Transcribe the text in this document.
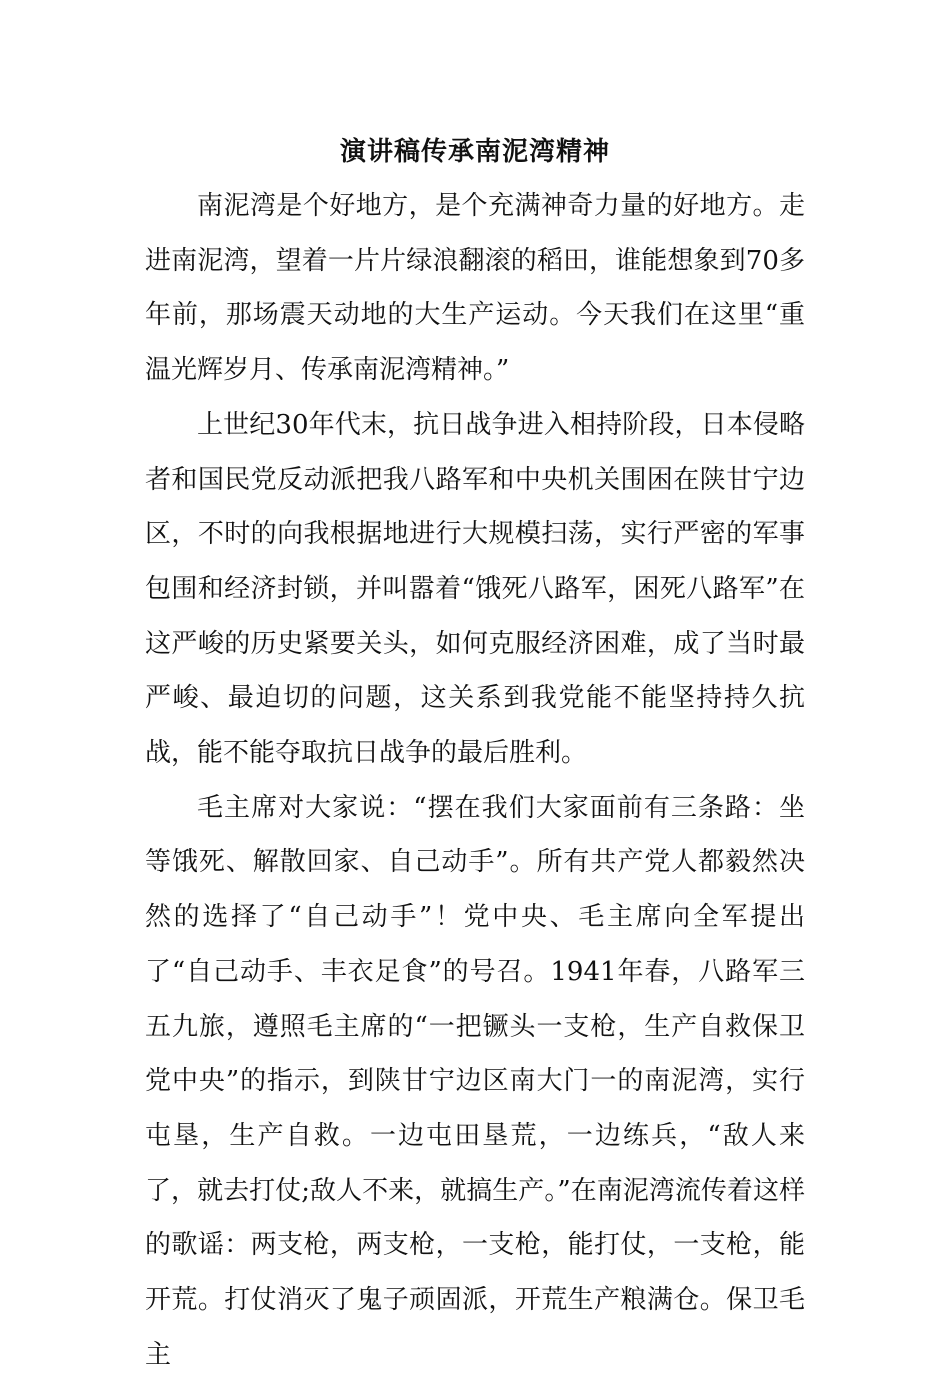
演讲稿传承南泥湾精神

南泥湾是个好地方，是个充满神奇力量的好地方。走进南泥湾，望着一片片绿浪翻滚的稻田，谁能想象到70多年前，那场震天动地的大生产运动。今天我们在这里“重温光辉岁月、传承南泥湾精神。”

上世纪30年代末，抗日战争进入相持阶段，日本侵略者和国民党反动派把我八路军和中央机关围困在陕甘宁边区，不时的向我根据地进行大规模扫荡，实行严密的军事包围和经济封锁，并叫嚣着“饿死八路军，困死八路军”在这严峻的历史紧要关头，如何克服经济困难，成了当时最严峻、最迫切的问题，这关系到我党能不能坚持持久抗战，能不能夺取抗日战争的最后胜利。

毛主席对大家说：“摆在我们大家面前有三条路：坐等饿死、解散回家、自己动手”。所有共产党人都毅然决然的选择了“自己动手”！党中央、毛主席向全军提出了“自己动手、丰衣足食”的号召。1941年春，八路军三五九旅，遵照毛主席的“一把镢头一支枪，生产自救保卫党中央”的指示，到陕甘宁边区南大门一的南泥湾，实行屯垦，生产自救。一边屯田垦荒，一边练兵，“敌人来了，就去打仗;敌人不来，就搞生产。”在南泥湾流传着这样的歌谣：两支枪，两支枪，一支枪，能打仗，一支枪，能开荒。打仗消灭了鬼子顽固派，开荒生产粮满仓。保卫毛主
